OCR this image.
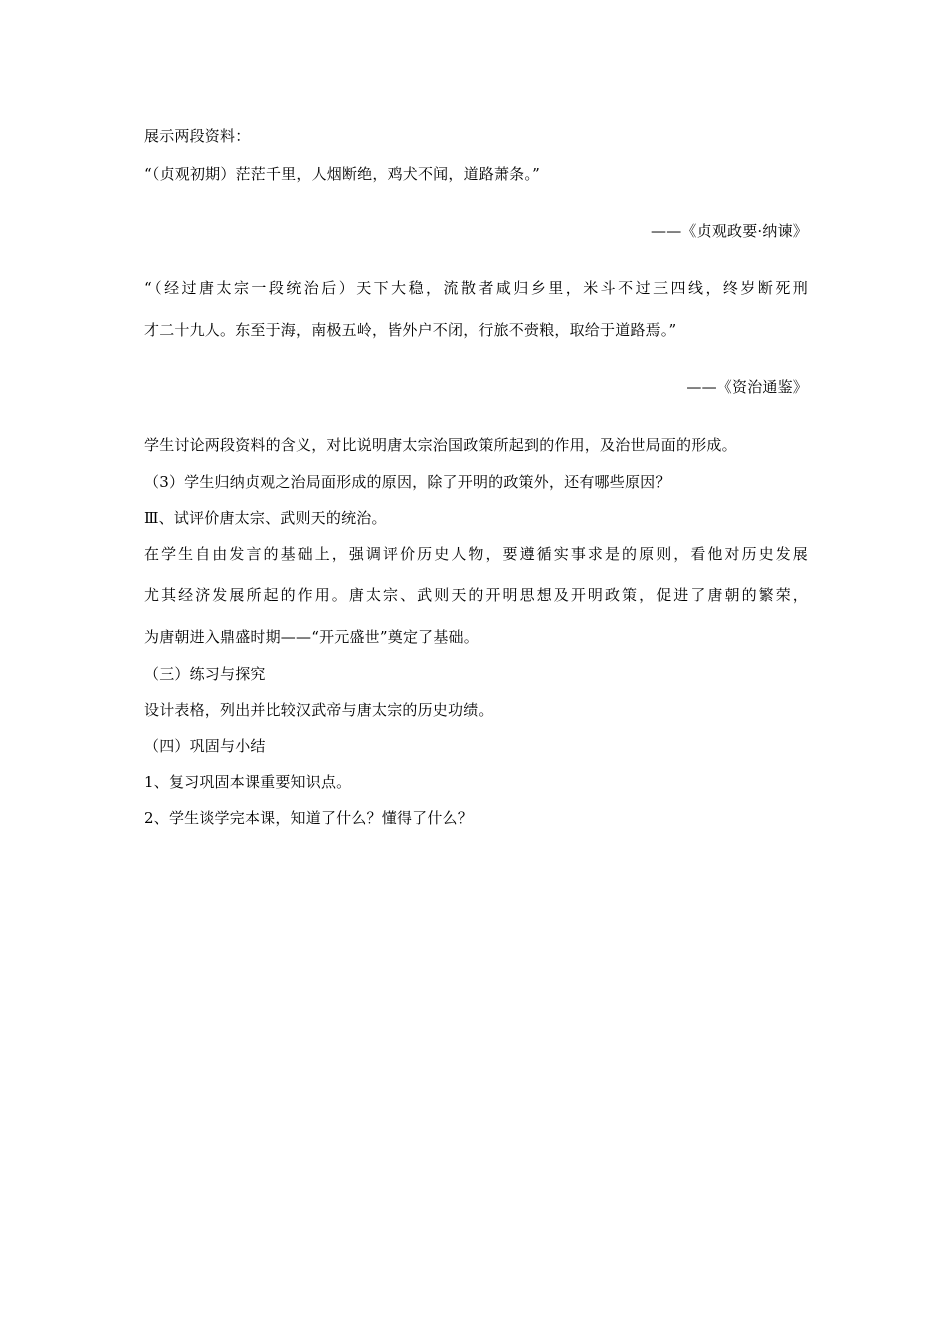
展示两段资料：
“（贞观初期）茫茫千里，人烟断绝，鸡犬不闻，道路萧条。”
——《贞观政要·纳谏》
“（经过唐太宗一段统治后）天下大稳，流散者咸归乡里，米斗不过三四线，终岁断死刑
才二十九人。东至于海，南极五岭，皆外户不闭，行旅不赍粮，取给于道路焉。”
——《资治通鉴》
学生讨论两段资料的含义，对比说明唐太宗治国政策所起到的作用，及治世局面的形成。
（3）学生归纳贞观之治局面形成的原因，除了开明的政策外，还有哪些原因？
Ⅲ、试评价唐太宗、武则天的统治。
在学生自由发言的基础上，强调评价历史人物，要遵循实事求是的原则，看他对历史发展
尤其经济发展所起的作用。唐太宗、武则天的开明思想及开明政策，促进了唐朝的繁荣，
为唐朝进入鼎盛时期——“开元盛世”奠定了基础。
（三）练习与探究
设计表格，列出并比较汉武帝与唐太宗的历史功绩。
（四）巩固与小结
1、复习巩固本课重要知识点。
2、学生谈学完本课，知道了什么？懂得了什么？
